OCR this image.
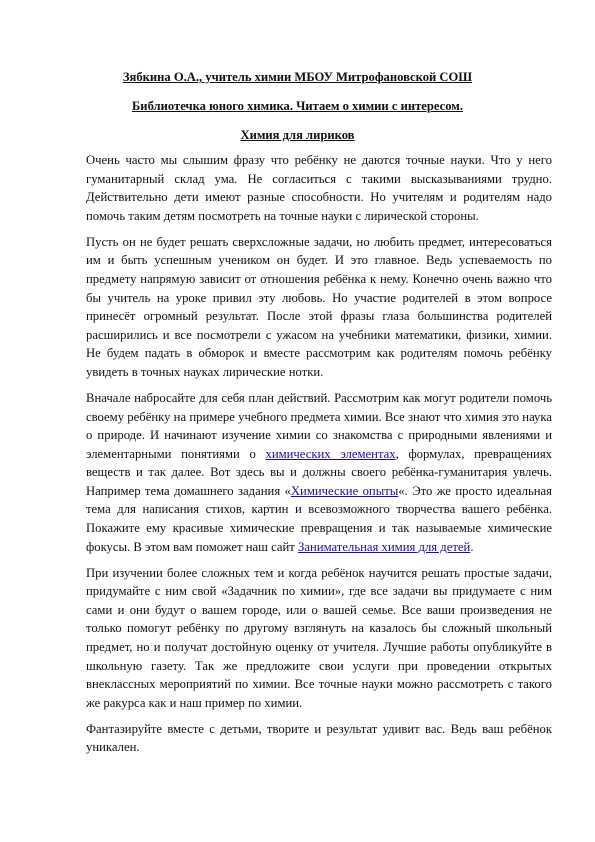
Зябкина О.А., учитель химии МБОУ Митрофановской СОШ
Библиотечка юного химика. Читаем о химии с интересом.
Химия для лириков

Очень часто мы слышим фразу что ребёнку не даются точные науки. Что у него гуманитарный склад ума. Не согласиться с такими высказываниями трудно. Действительно дети имеют разные способности. Но учителям и родителям надо помочь таким детям посмотреть на точные науки с лирической стороны.

Пусть он не будет решать сверхсложные задачи, но любить предмет, интересоваться им и быть успешным учеником он будет. И это главное. Ведь успеваемость по предмету напрямую зависит от отношения ребёнка к нему. Конечно очень важно что бы учитель на уроке привил эту любовь. Но участие родителей в этом вопросе принесёт огромный результат. После этой фразы глаза большинства родителей расширились и все посмотрели с ужасом на учебники математики, физики, химии. Не будем падать в обморок и вместе рассмотрим как родителям помочь ребёнку увидеть в точных науках лирические нотки.

Вначале набросайте для себя план действий. Рассмотрим как могут родители помочь своему ребёнку на примере учебного предмета химии. Все знают что химия это наука о природе. И начинают изучение химии со знакомства с природными явлениями и элементарными понятиями о химических элементах, формулах, превращениях веществ и так далее. Вот здесь вы и должны своего ребёнка-гуманитария увлечь. Например тема домашнего задания «Химические опыты«. Это же просто идеальная тема для написания стихов, картин и всевозможного творчества вашего ребёнка. Покажите ему красивые химические превращения и так называемые химические фокусы. В этом вам поможет наш сайт Занимательная химия для детей.

При изучении более сложных тем и когда ребёнок научится решать простые задачи, придумайте с ним свой «Задачник по химии», где все задачи вы придумаете с ним сами и они будут о вашем городе, или о вашей семье. Все ваши произведения не только помогут ребёнку по другому взглянуть на казалось бы сложный школьный предмет, но и получат достойную оценку от учителя. Лучшие работы опубликуйте в школьную газету. Так же предложите свои услуги при проведении открытых внеклассных мероприятий по химии. Все точные науки можно рассмотреть с такого же ракурса как и наш пример по химии.

Фантазируйте вместе с детьми, творите и результат удивит вас. Ведь ваш ребёнок уникален.
